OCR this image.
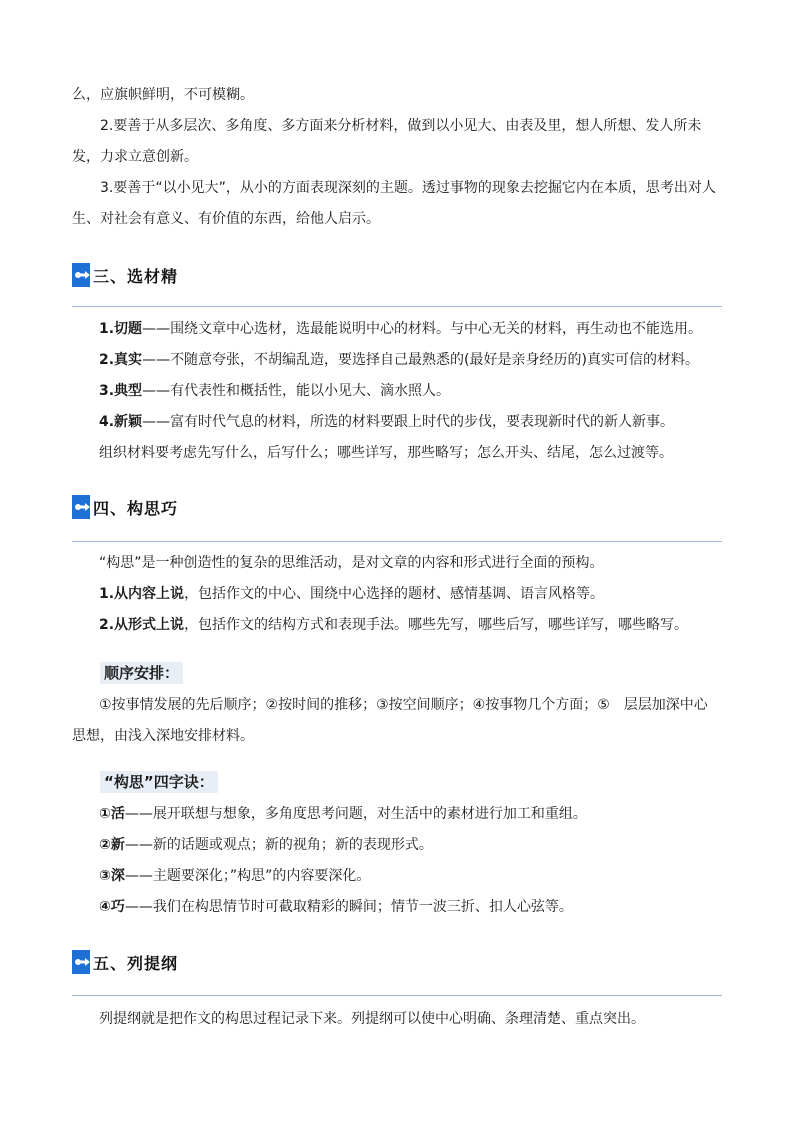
么，应旗帜鲜明，不可模糊。

2.要善于从多层次、多角度、多方面来分析材料，做到以小见大、由表及里，想人所想、发人所未

发，力求立意创新。

3.要善于“以小见大”，从小的方面表现深刻的主题。透过事物的现象去挖掘它内在本质，思考出对人

生、对社会有意义、有价值的东西，给他人启示。

三、选材精

1.切题——围绕文章中心选材，选最能说明中心的材料。与中心无关的材料，再生动也不能选用。

2.真实——不随意夸张，不胡编乱造，要选择自己最熟悉的(最好是亲身经历的)真实可信的材料。

3.典型——有代表性和概括性，能以小见大、滴水照人。

4.新颖——富有时代气息的材料，所选的材料要跟上时代的步伐，要表现新时代的新人新事。

组织材料要考虑先写什么，后写什么；哪些详写，那些略写；怎么开头、结尾，怎么过渡等。

四、构思巧

“构思”是一种创造性的复杂的思维活动，是对文章的内容和形式进行全面的预构。

1.从内容上说，包括作文的中心、围绕中心选择的题材、感情基调、语言风格等。

2.从形式上说，包括作文的结构方式和表现手法。哪些先写，哪些后写，哪些详写，哪些略写。

顺序安排：

①按事情发展的先后顺序；②按时间的推移；③按空间顺序；④按事物几个方面；⑤　层层加深中心

思想，由浅入深地安排材料。

“构思”四字诀：

①活——展开联想与想象，多角度思考问题，对生活中的素材进行加工和重组。

②新——新的话题或观点；新的视角；新的表现形式。

③深——主题要深化；”构思”的内容要深化。

④巧——我们在构思情节时可截取精彩的瞬间；情节一波三折、扣人心弦等。

五、列提纲

列提纲就是把作文的构思过程记录下来。列提纲可以使中心明确、条理清楚、重点突出。
